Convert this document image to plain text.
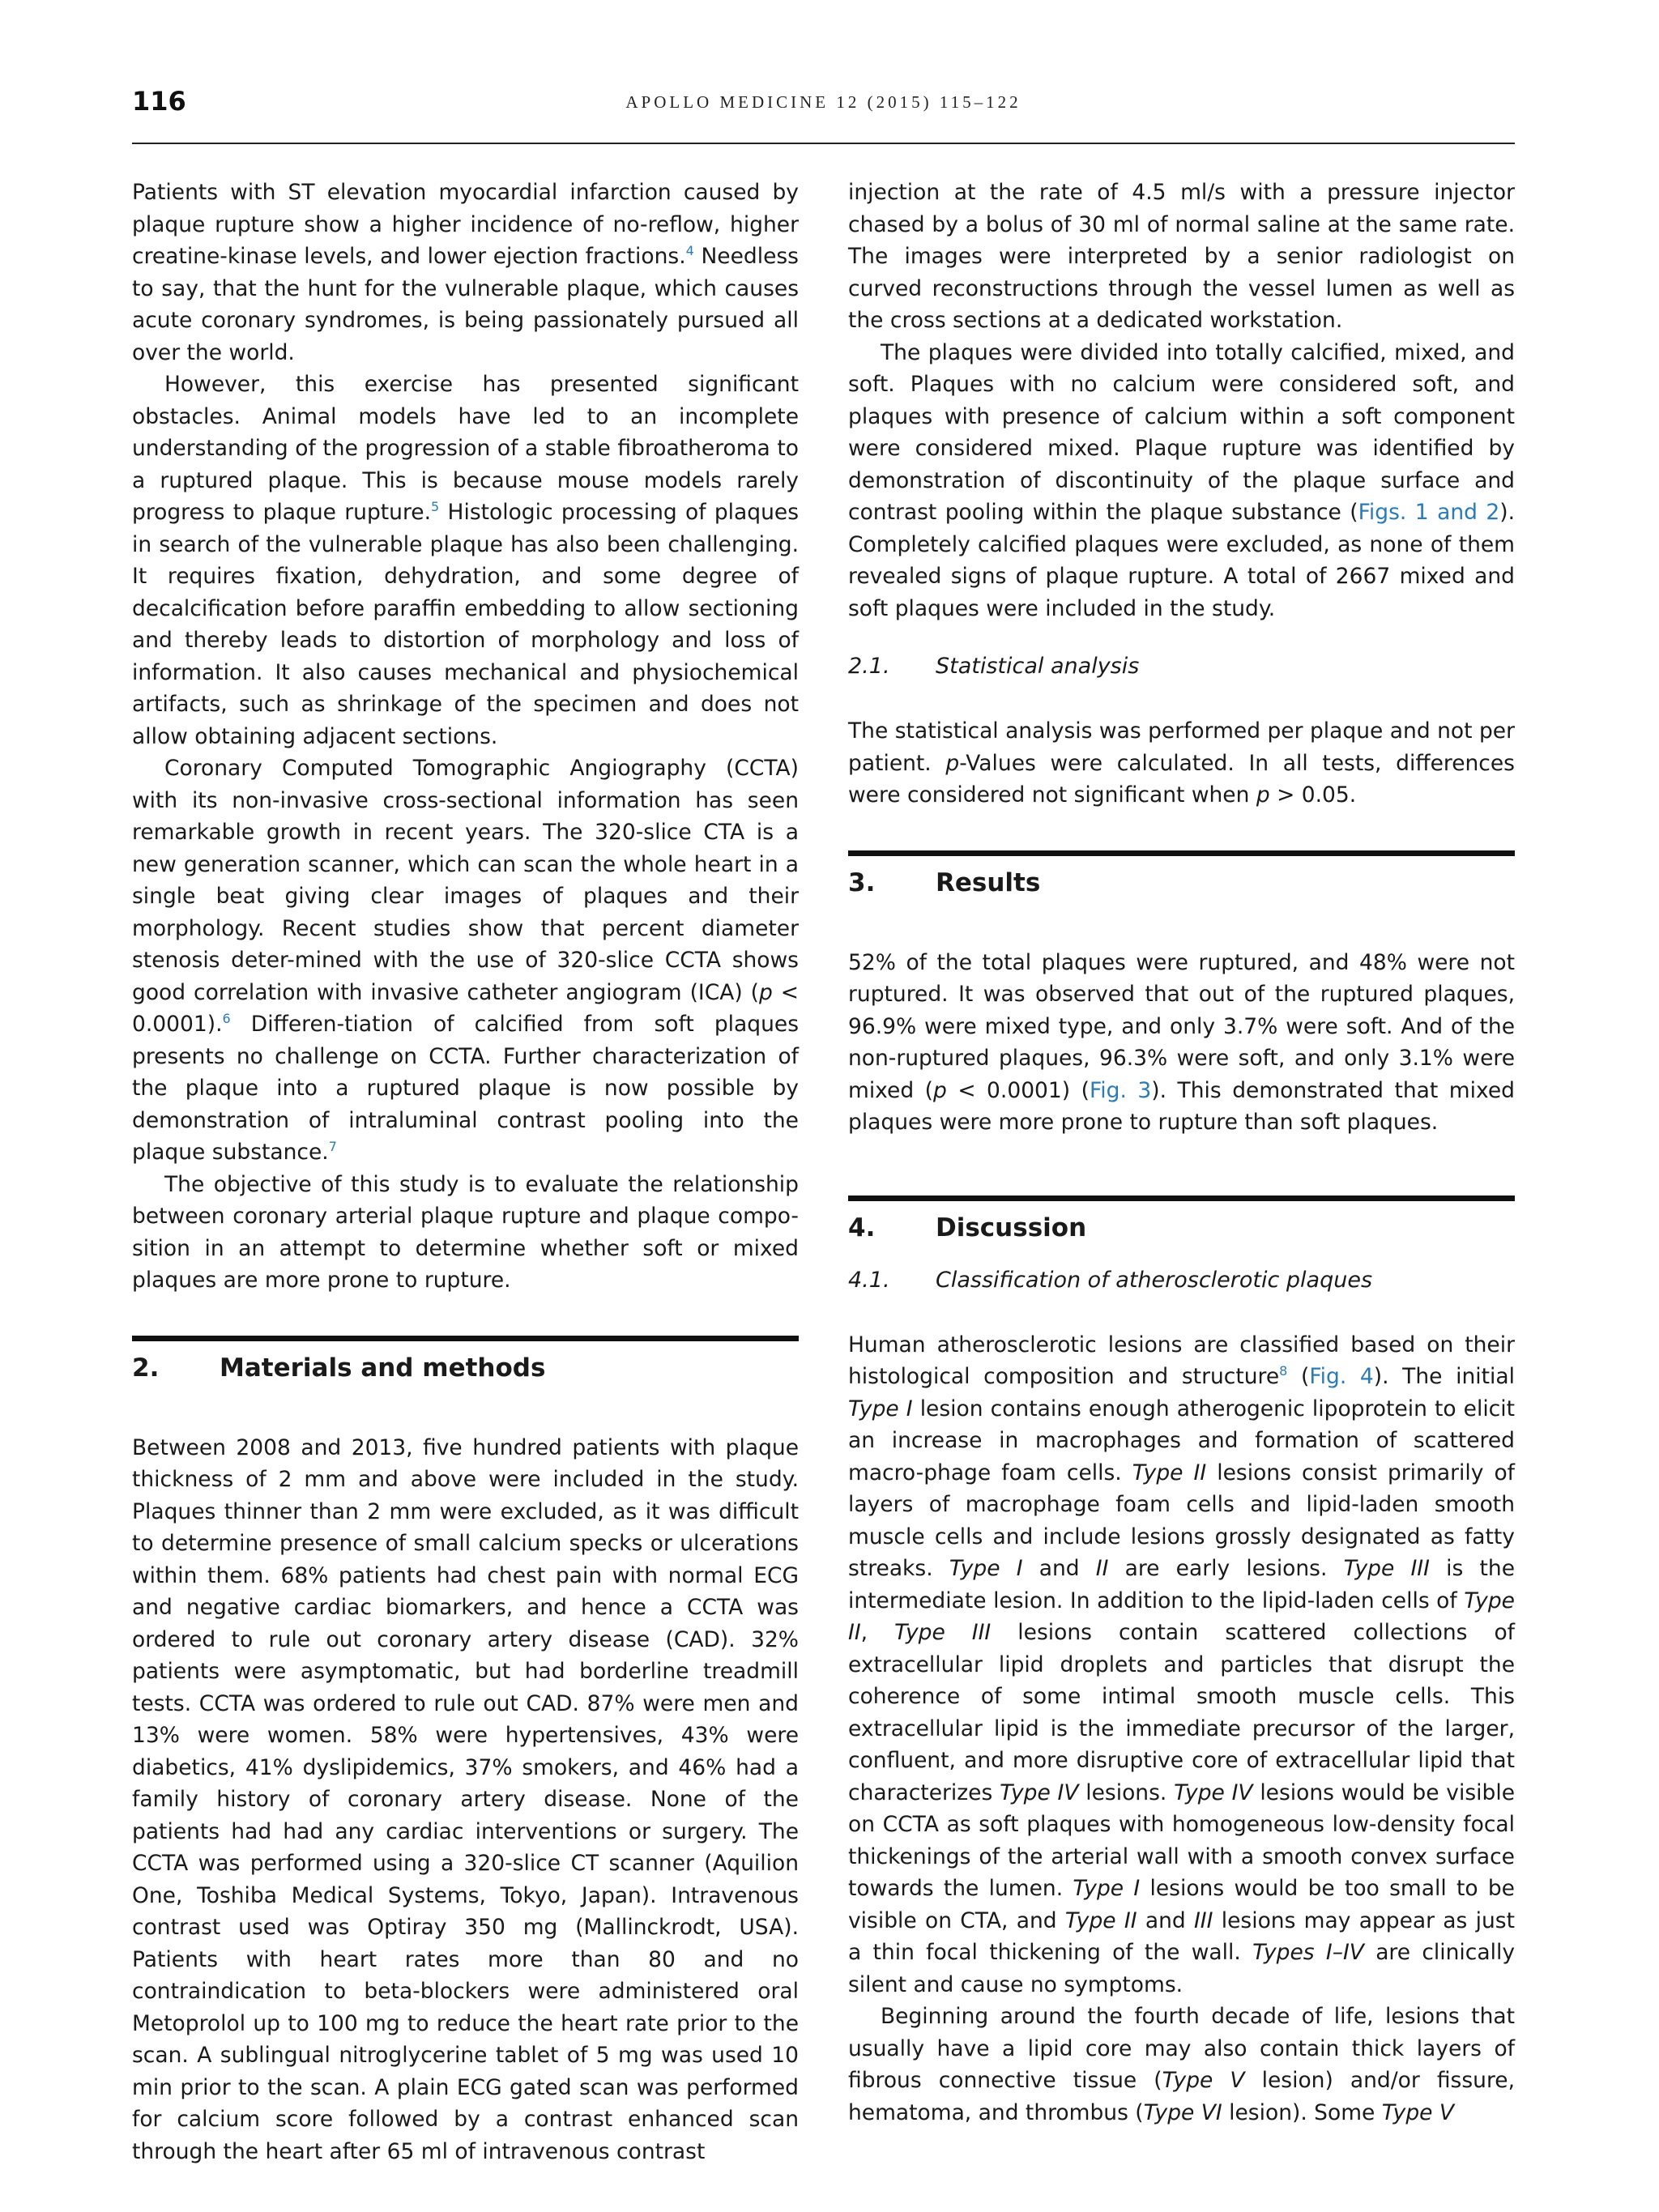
116	APOLLO MEDICINE 12 (2015) 115–122

Patients with ST elevation myocardial infarction caused by plaque rupture show a higher incidence of no-reflow, higher creatine-kinase levels, and lower ejection fractions.$^4$ Needless to say, that the hunt for the vulnerable plaque, which causes acute coronary syndromes, is being passionately pursued all over the world.

However, this exercise has presented significant obstacles. Animal models have led to an incomplete understanding of the progression of a stable fibroatheroma to a ruptured plaque. This is because mouse models rarely progress to plaque rupture.$^5$ Histologic processing of plaques in search of the vulnerable plaque has also been challenging. It requires fixation, dehydration, and some degree of decalcification before paraffin embedding to allow sectioning and thereby leads to distortion of morphology and loss of information. It also causes mechanical and physiochemical artifacts, such as shrinkage of the specimen and does not allow obtaining adjacent sections.

Coronary Computed Tomographic Angiography (CCTA) with its non-invasive cross-sectional information has seen remarkable growth in recent years. The 320-slice CTA is a new generation scanner, which can scan the whole heart in a single beat giving clear images of plaques and their morphology. Recent studies show that percent diameter stenosis deter-mined with the use of 320-slice CCTA shows good correlation with invasive catheter angiogram (ICA) (p < 0.0001).$^6$ Differen-tiation of calcified from soft plaques presents no challenge on CCTA. Further characterization of the plaque into a ruptured plaque is now possible by demonstration of intraluminal contrast pooling into the plaque substance.$^7$

The objective of this study is to evaluate the relationship between coronary arterial plaque rupture and plaque compo-sition in an attempt to determine whether soft or mixed plaques are more prone to rupture.

2. Materials and methods

Between 2008 and 2013, five hundred patients with plaque thickness of 2 mm and above were included in the study. Plaques thinner than 2 mm were excluded, as it was difficult to determine presence of small calcium specks or ulcerations within them. 68% patients had chest pain with normal ECG and negative cardiac biomarkers, and hence a CCTA was ordered to rule out coronary artery disease (CAD). 32% patients were asymptomatic, but had borderline treadmill tests. CCTA was ordered to rule out CAD. 87% were men and 13% were women. 58% were hypertensives, 43% were diabetics, 41% dyslipidemics, 37% smokers, and 46% had a family history of coronary artery disease. None of the patients had had any cardiac interventions or surgery. The CCTA was performed using a 320-slice CT scanner (Aquilion One, Toshiba Medical Systems, Tokyo, Japan). Intravenous contrast used was Optiray 350 mg (Mallinckrodt, USA). Patients with heart rates more than 80 and no contraindication to beta-blockers were administered oral Metoprolol up to 100 mg to reduce the heart rate prior to the scan. A sublingual nitroglycerine tablet of 5 mg was used 10 min prior to the scan. A plain ECG gated scan was performed for calcium score followed by a contrast enhanced scan through the heart after 65 ml of intravenous contrast

injection at the rate of 4.5 ml/s with a pressure injector chased by a bolus of 30 ml of normal saline at the same rate. The images were interpreted by a senior radiologist on curved reconstructions through the vessel lumen as well as the cross sections at a dedicated workstation.

The plaques were divided into totally calcified, mixed, and soft. Plaques with no calcium were considered soft, and plaques with presence of calcium within a soft component were considered mixed. Plaque rupture was identified by demonstration of discontinuity of the plaque surface and contrast pooling within the plaque substance (Figs. 1 and 2). Completely calcified plaques were excluded, as none of them revealed signs of plaque rupture. A total of 2667 mixed and soft plaques were included in the study.

2.1. Statistical analysis

The statistical analysis was performed per plaque and not per patient. p-Values were calculated. In all tests, differences were considered not significant when p > 0.05.

3. Results

52% of the total plaques were ruptured, and 48% were not ruptured. It was observed that out of the ruptured plaques, 96.9% were mixed type, and only 3.7% were soft. And of the non-ruptured plaques, 96.3% were soft, and only 3.1% were mixed (p < 0.0001) (Fig. 3). This demonstrated that mixed plaques were more prone to rupture than soft plaques.

4. Discussion
4.1. Classification of atherosclerotic plaques

Human atherosclerotic lesions are classified based on their histological composition and structure$^8$ (Fig. 4). The initial Type I lesion contains enough atherogenic lipoprotein to elicit an increase in macrophages and formation of scattered macro-phage foam cells. Type II lesions consist primarily of layers of macrophage foam cells and lipid-laden smooth muscle cells and include lesions grossly designated as fatty streaks. Type I and II are early lesions. Type III is the intermediate lesion. In addition to the lipid-laden cells of Type II, Type III lesions contain scattered collections of extracellular lipid droplets and particles that disrupt the coherence of some intimal smooth muscle cells. This extracellular lipid is the immediate precursor of the larger, confluent, and more disruptive core of extracellular lipid that characterizes Type IV lesions. Type IV lesions would be visible on CCTA as soft plaques with homogeneous low-density focal thickenings of the arterial wall with a smooth convex surface towards the lumen. Type I lesions would be too small to be visible on CTA, and Type II and III lesions may appear as just a thin focal thickening of the wall. Types I–IV are clinically silent and cause no symptoms.

Beginning around the fourth decade of life, lesions that usually have a lipid core may also contain thick layers of fibrous connective tissue (Type V lesion) and/or fissure, hematoma, and thrombus (Type VI lesion). Some Type V
